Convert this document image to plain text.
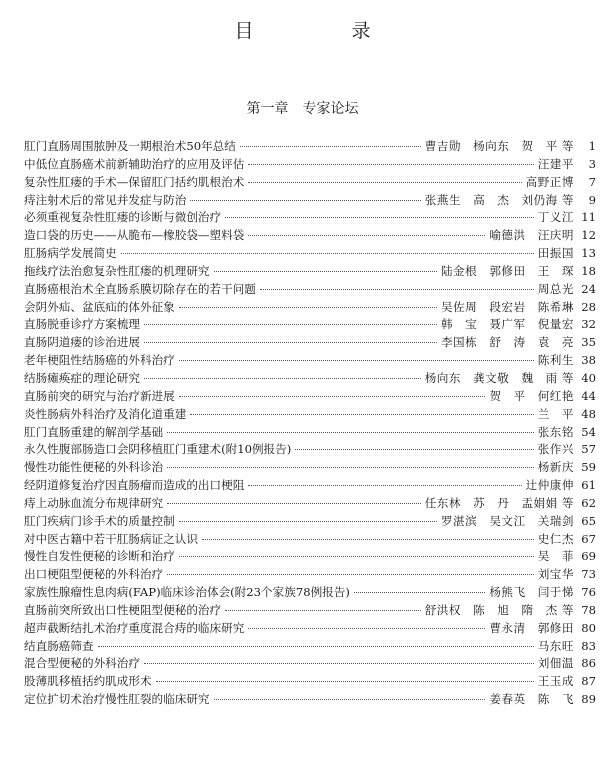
目 录
第一章 专家论坛
肛门直肠周围脓肿及一期根治术50年总结	曹吉勋　杨向东　贺　平 等	1
中低位直肠癌术前新辅助治疗的应用及评估	汪建平	3
复杂性肛瘘的手术—保留肛门括约肌根治术	高野正博	7
痔注射术后的常见并发症与防治	张燕生　高　杰　刘仍海 等	9
必须重视复杂性肛瘘的诊断与微创治疗	丁义江 11
造口袋的历史——从脆布—橡胶袋—塑料袋	喻德洪　汪庆明 12
肛肠病学发展简史	田振国 13
拖线疗法治愈复杂性肛瘘的机理研究	陆金根　郭修田　王　琛 18
直肠癌根治术全直肠系膜切除存在的若干问题	周总光 24
会阴外疝、盆底疝的体外征象	吴佐周　段宏岩　陈希琳 28
直肠脱垂诊疗方案梳理	韩　宝　聂广军　倪量宏 32
直肠阴道瘘的诊治进展	李国栋　舒　涛　袁　亮 35
老年梗阻性结肠癌的外科治疗	陈利生 38
结肠瘫痪症的理论研究	杨向东　龚文敬　魏　雨 等 40
直肠前突的研究与治疗新进展	贺　平　何红艳 44
炎性肠病外科治疗及消化道重建	兰　平 48
肛门直肠重建的解剖学基础	张东铭 54
永久性腹部肠造口会阴移植肛门重建术(附10例报告)	张作兴 57
慢性功能性便秘的外科诊治	杨新庆 59
经阴道修复治疗因直肠瘤而造成的出口梗阻	辻仲康伸 61
痔上动脉血流分布规律研究	任东林　苏　丹　盂娟娟 等 62
肛门疾病门诊手术的质量控制	罗湛滨　吴文江　关瑞剑 65
对中医古籍中若干肛肠病证之认识	史仁杰 67
慢性自发性便秘的诊断和治疗	吴　菲 69
出口梗阻型便秘的外科治疗	刘宝华 73
家族性腺瘤性息肉病(FAP)临床诊治体会(附23个家族78例报告)	杨熊飞　闫于悌 76
直肠前突所致出口性梗阻型便秘的治疗	舒洪权　陈　旭　隋　杰 等 78
超声截断结扎术治疗重度混合痔的临床研究	曹永清　郭修田 80
结直肠癌筛查	马东旺 83
混合型便秘的外科治疗	刘佃温 86
股薄肌移植括约肌成形术	王玉成 87
定位扩切术治疗慢性肛裂的临床研究	姜春英　陈　飞 89
